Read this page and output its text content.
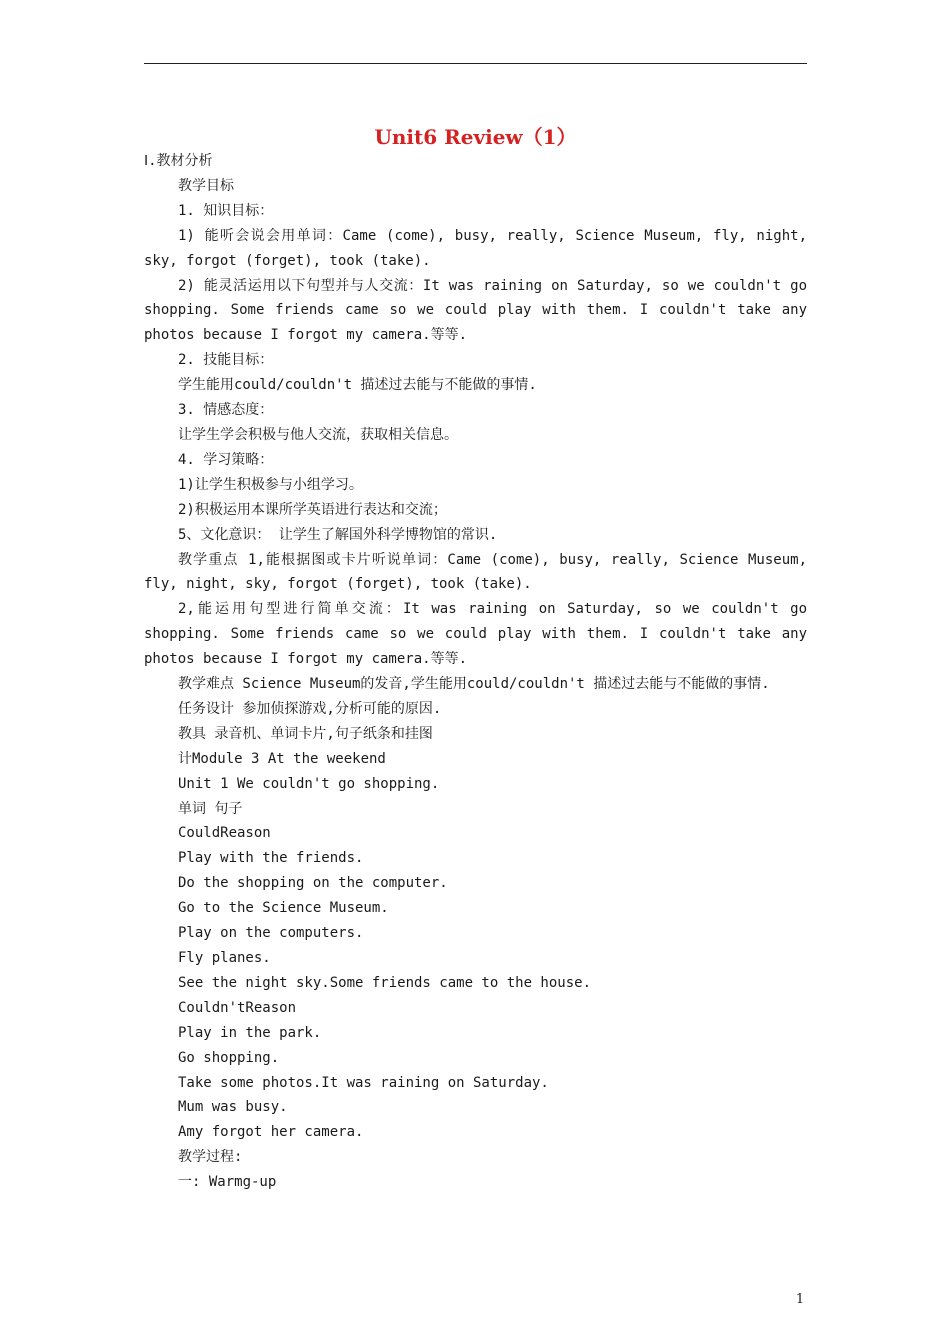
Unit6 Review（1）

Ⅰ.教材分析

教学目标

1. 知识目标：

1) 能听会说会用单词：Came (come), busy, really, Science Museum, fly, night, sky, forgot (forget), took (take).

2) 能灵活运用以下句型并与人交流：It was raining on Saturday, so we couldn't go shopping. Some friends came so we could play with them. I couldn't take any photos because I forgot my camera.等等.

2. 技能目标：

学生能用could/couldn't 描述过去能与不能做的事情.

3. 情感态度：

让学生学会积极与他人交流，获取相关信息。

4. 学习策略：

1)让学生积极参与小组学习。

2)积极运用本课所学英语进行表达和交流；

5、文化意识： 让学生了解国外科学博物馆的常识.

教学重点 1,能根据图或卡片听说单词：Came (come), busy, really, Science Museum, fly, night, sky, forgot (forget), took (take).

2,能运用句型进行简单交流：It was raining on Saturday, so we couldn't go shopping. Some friends came so we could play with them. I couldn't take any photos because I forgot my camera.等等.

教学难点 Science Museum的发音,学生能用could/couldn't 描述过去能与不能做的事情.

任务设计 参加侦探游戏,分析可能的原因.

教具 录音机、单词卡片,句子纸条和挂图

计Module 3 At the weekend

Unit 1 We couldn't go shopping.

单词 句子

CouldReason

Play with the friends.

Do the shopping on the computer.

Go to the Science Museum.

Play on the computers.

Fly planes.

See the night sky.Some friends came to the house.

Couldn'tReason

Play in the park.

Go shopping.

Take some photos.It was raining on Saturday.

Mum was busy.

Amy forgot her camera.

教学过程:

一: Warmg-up

1
